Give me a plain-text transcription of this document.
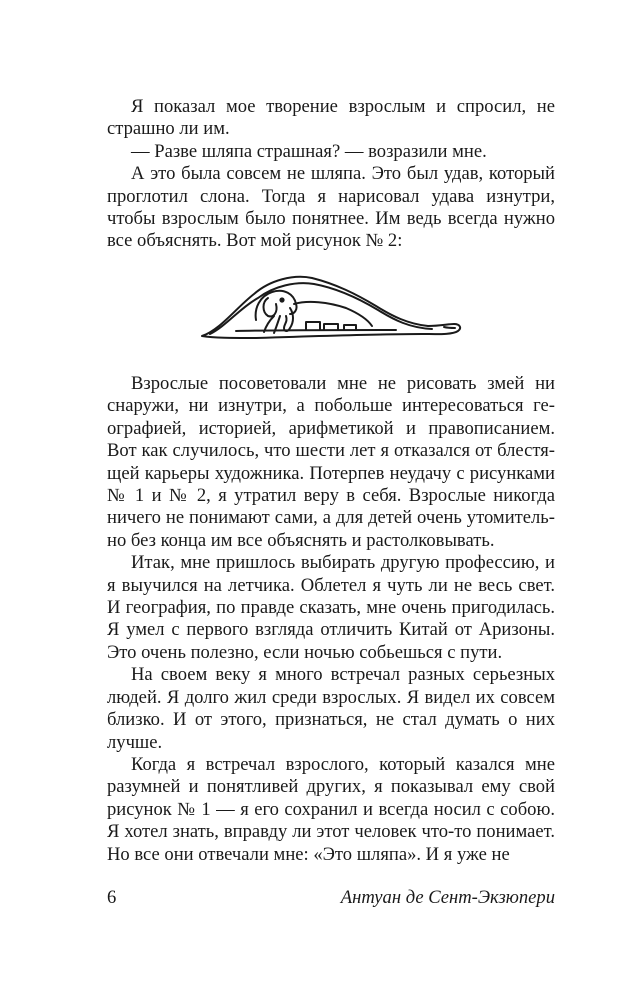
Я показал мое творение взрослым и спросил, не страшно ли им.

— Разве шляпа страшная? — возразили мне.

А это была совсем не шляпа. Это был удав, который проглотил слона. Тогда я нарисовал удава изнутри, чтобы взрослым было понятнее. Им ведь всегда нужно все объяснять. Вот мой рисунок № 2:

Взрослые посоветовали мне не рисовать змей ни снаружи, ни изнутри, а побольше интересоваться географией, историей, арифметикой и правописанием. Вот как случилось, что шести лет я отказался от блестящей карьеры художника. Потерпев неудачу с рисунками № 1 и № 2, я утратил веру в себя. Взрослые никогда ничего не понимают сами, а для детей очень утомительно без конца им все объяснять и растолковывать.

Итак, мне пришлось выбирать другую профессию, и я выучился на летчика. Облетел я чуть ли не весь свет. И география, по правде сказать, мне очень пригодилась. Я умел с первого взгляда отличить Китай от Аризоны. Это очень полезно, если ночью собьешься с пути.

На своем веку я много встречал разных серьезных людей. Я долго жил среди взрослых. Я видел их совсем близко. И от этого, признаться, не стал думать о них лучше.

Когда я встречал взрослого, который казался мне разумней и понятливей других, я показывал ему свой рисунок № 1 — я его сохранил и всегда носил с собою. Я хотел знать, вправду ли этот человек что-то понимает. Но все они отвечали мне: «Это шляпа». И я уже не

6	Антуан де Сент-Экзюпери
